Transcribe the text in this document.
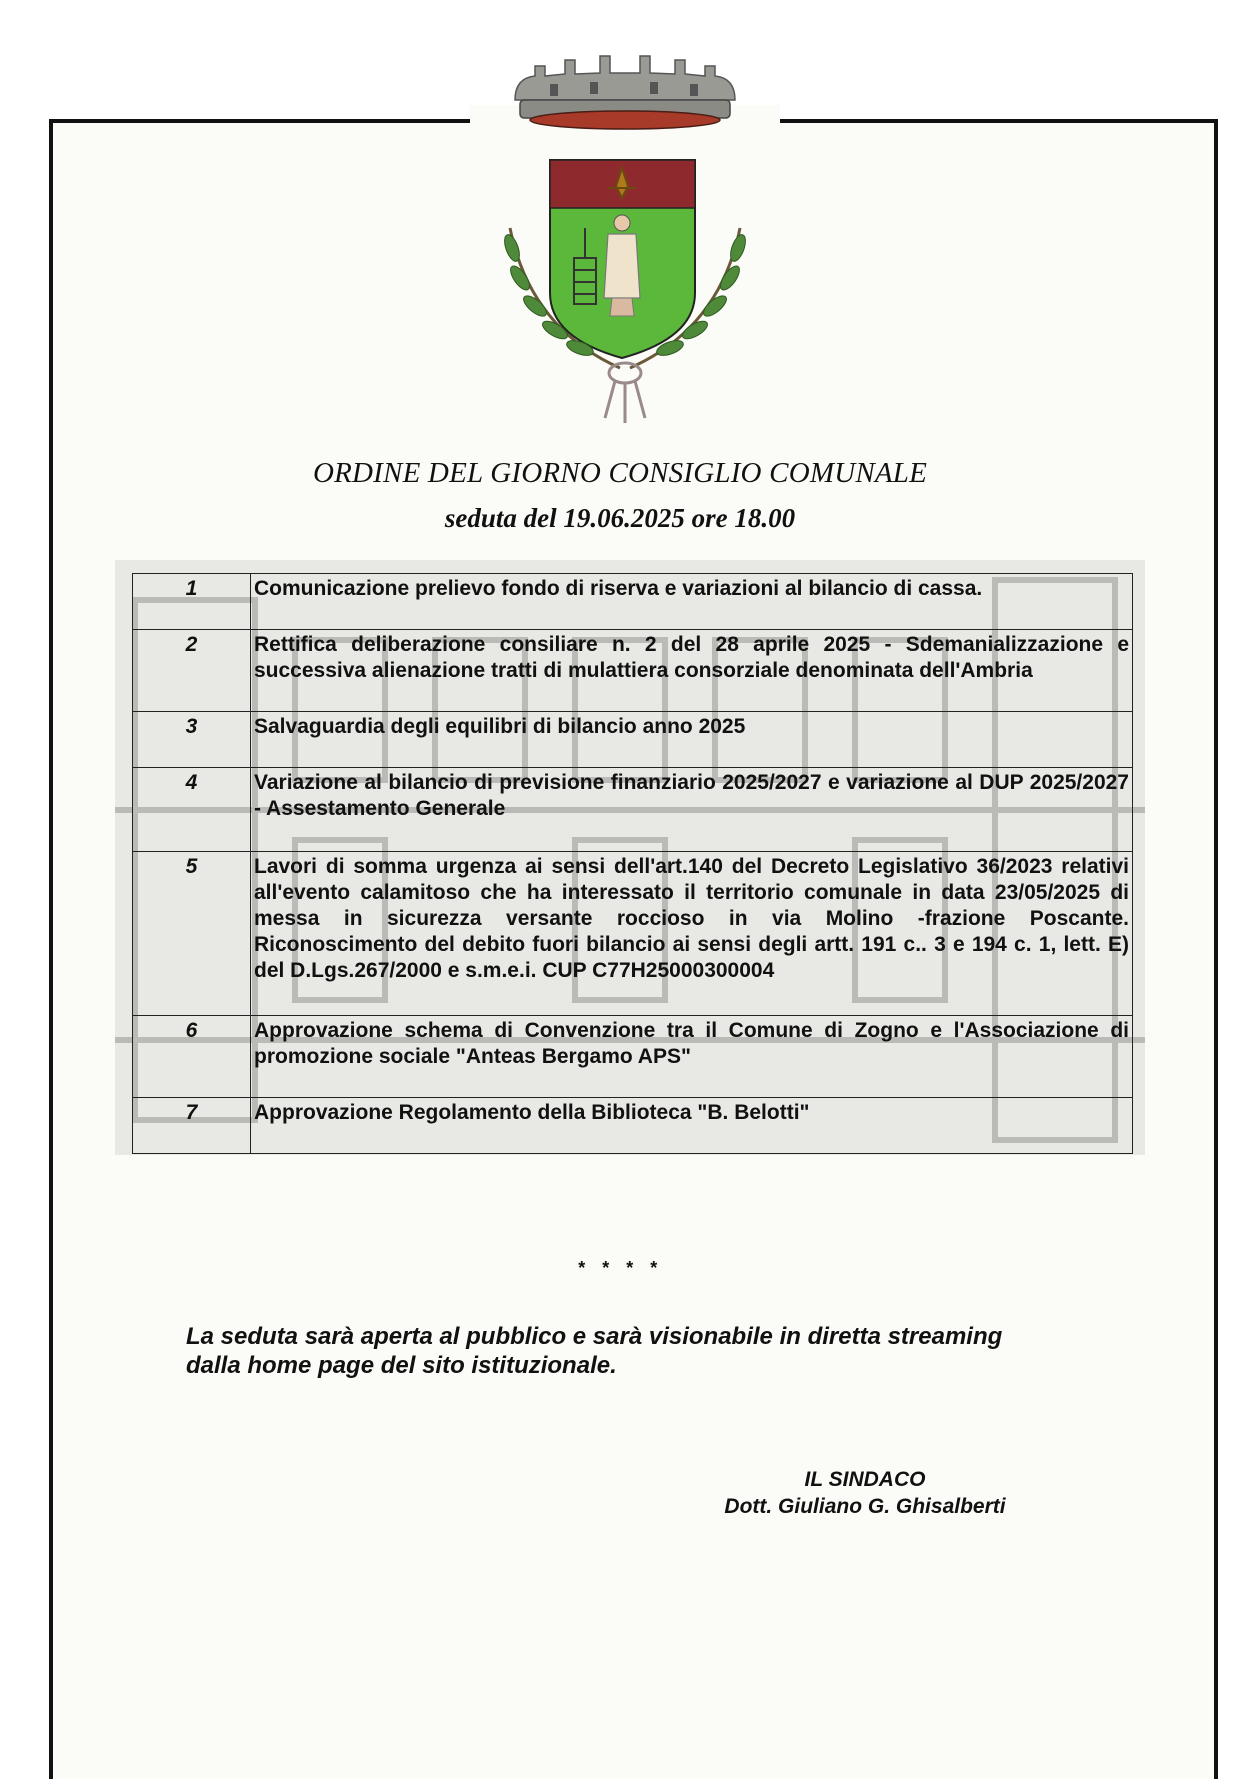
ORDINE DEL GIORNO CONSIGLIO COMUNALE
seduta del 19.06.2025 ore 18.00
1	Comunicazione prelievo fondo di riserva e variazioni al bilancio di cassa.
2	Rettifica deliberazione consiliare n. 2 del 28 aprile 2025 - Sdemanializzazione e successiva alienazione tratti di mulattiera consorziale denominata dell'Ambria
3	Salvaguardia degli equilibri di bilancio anno 2025
4	Variazione al bilancio di previsione finanziario 2025/2027 e variazione al DUP 2025/2027 - Assestamento Generale
5	Lavori di somma urgenza ai sensi dell'art.140 del Decreto Legislativo 36/2023 relativi all'evento calamitoso che ha interessato il territorio comunale in data 23/05/2025 di messa in sicurezza versante roccioso in via Molino -frazione Poscante. Riconoscimento del debito fuori bilancio ai sensi degli artt. 191 c.. 3 e 194 c. 1, lett. E) del D.Lgs.267/2000 e s.m.e.i. CUP C77H25000300004
6	Approvazione schema di Convenzione tra il Comune di Zogno e l'Associazione di promozione sociale "Anteas Bergamo APS"
7	Approvazione Regolamento della Biblioteca "B. Belotti"
* * * *
La seduta sarà aperta al pubblico e sarà visionabile in diretta streaming
dalla home page del sito istituzionale.
IL SINDACO
Dott. Giuliano G. Ghisalberti
